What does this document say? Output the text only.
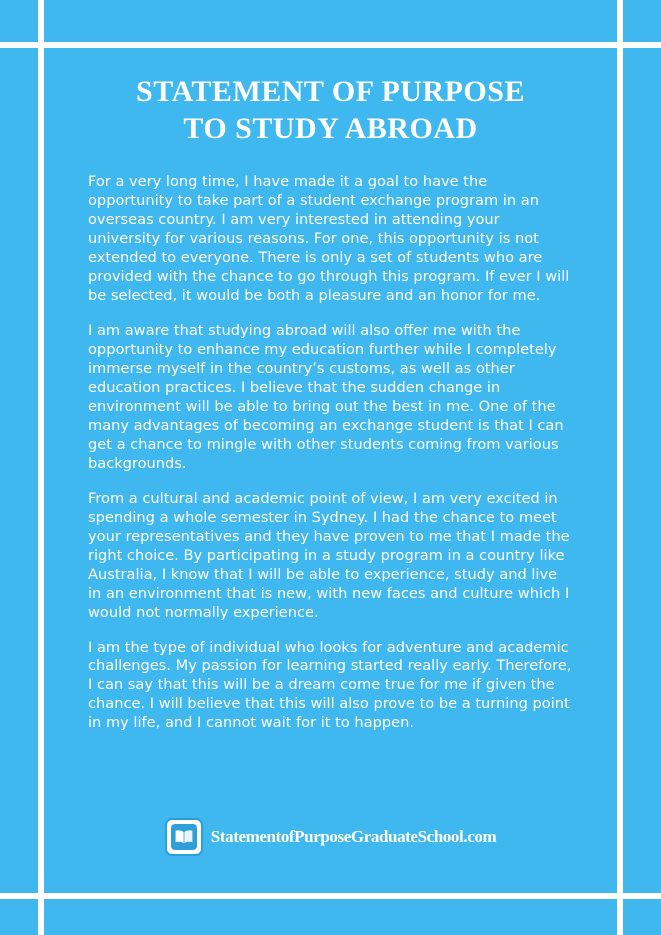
STATEMENT OF PURPOSE
TO STUDY ABROAD

For a very long time, I have made it a goal to have the opportunity to take part of a student exchange program in an overseas country. I am very interested in attending your university for various reasons. For one, this opportunity is not extended to everyone. There is only a set of students who are provided with the chance to go through this program. If ever I will be selected, it would be both a pleasure and an honor for me.

I am aware that studying abroad will also offer me with the opportunity to enhance my education further while I completely immerse myself in the country’s customs, as well as other education practices. I believe that the sudden change in environment will be able to bring out the best in me. One of the many advantages of becoming an exchange student is that I can get a chance to mingle with other students coming from various backgrounds.

From a cultural and academic point of view, I am very excited in spending a whole semester in Sydney. I had the chance to meet your representatives and they have proven to me that I made the right choice. By participating in a study program in a country like Australia, I know that I will be able to experience, study and live in an environment that is new, with new faces and culture which I would not normally experience.

I am the type of individual who looks for adventure and academic challenges. My passion for learning started really early. Therefore, I can say that this will be a dream come true for me if given the chance. I will believe that this will also prove to be a turning point in my life, and I cannot wait for it to happen.

StatementofPurposeGraduateSchool.com
